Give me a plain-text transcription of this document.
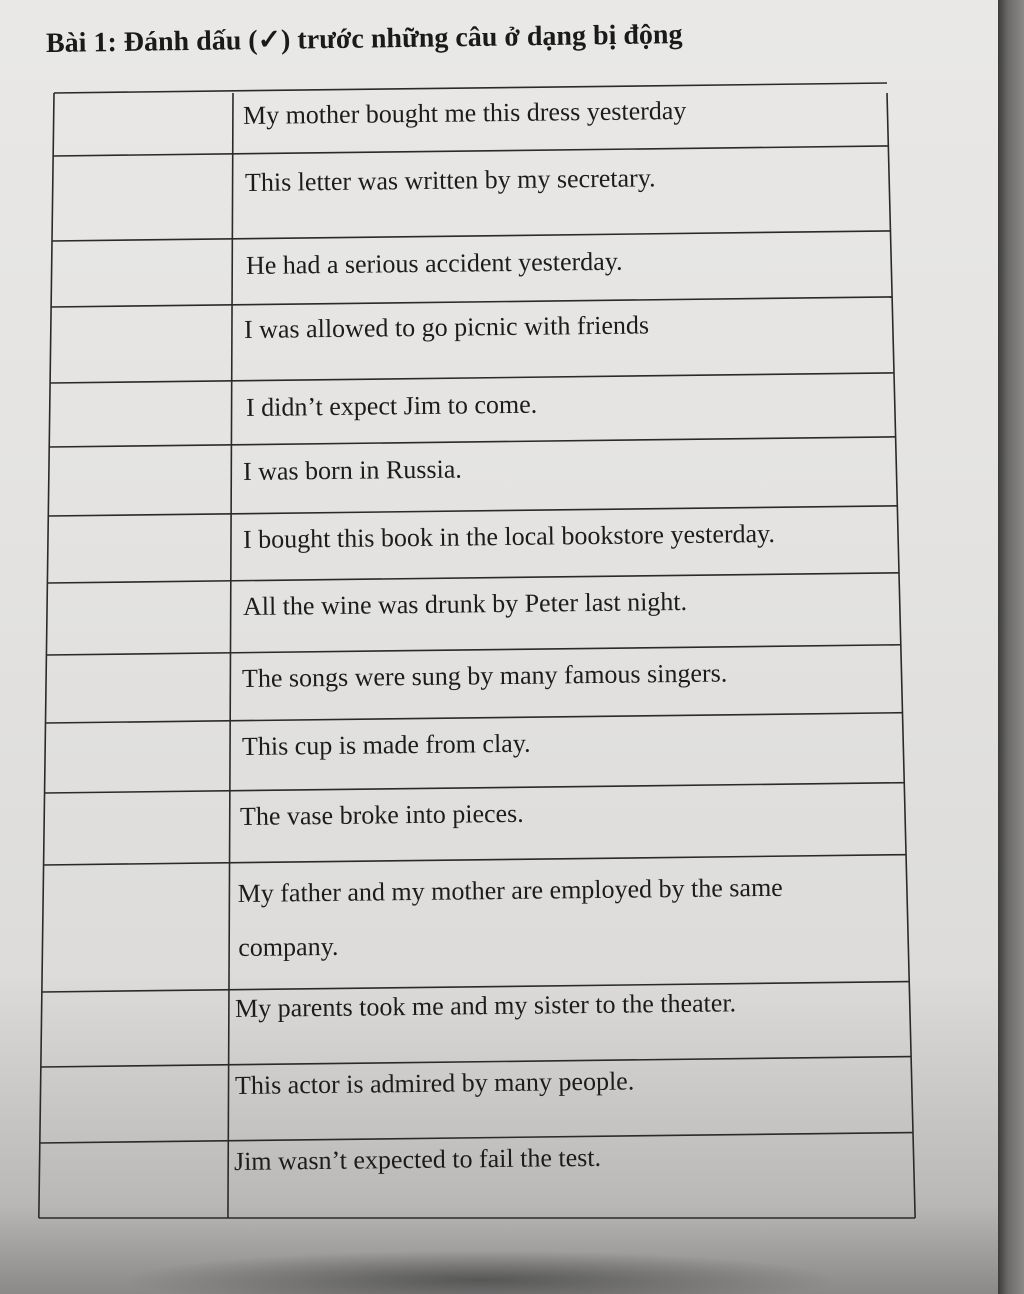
Bài 1: Đánh dấu (✓) trước những câu ở dạng bị động
My mother bought me this dress yesterday
This letter was written by my secretary.
He had a serious accident yesterday.
I was allowed to go picnic with friends
I didn’t expect Jim to come.
I was born in Russia.
I bought this book in the local bookstore yesterday.
All the wine was drunk by Peter last night.
The songs were sung by many famous singers.
This cup is made from clay.
The vase broke into pieces.
My father and my mother are employed by the same company.
My parents took me and my sister to the theater.
This actor is admired by many people.
Jim wasn’t expected to fail the test.
